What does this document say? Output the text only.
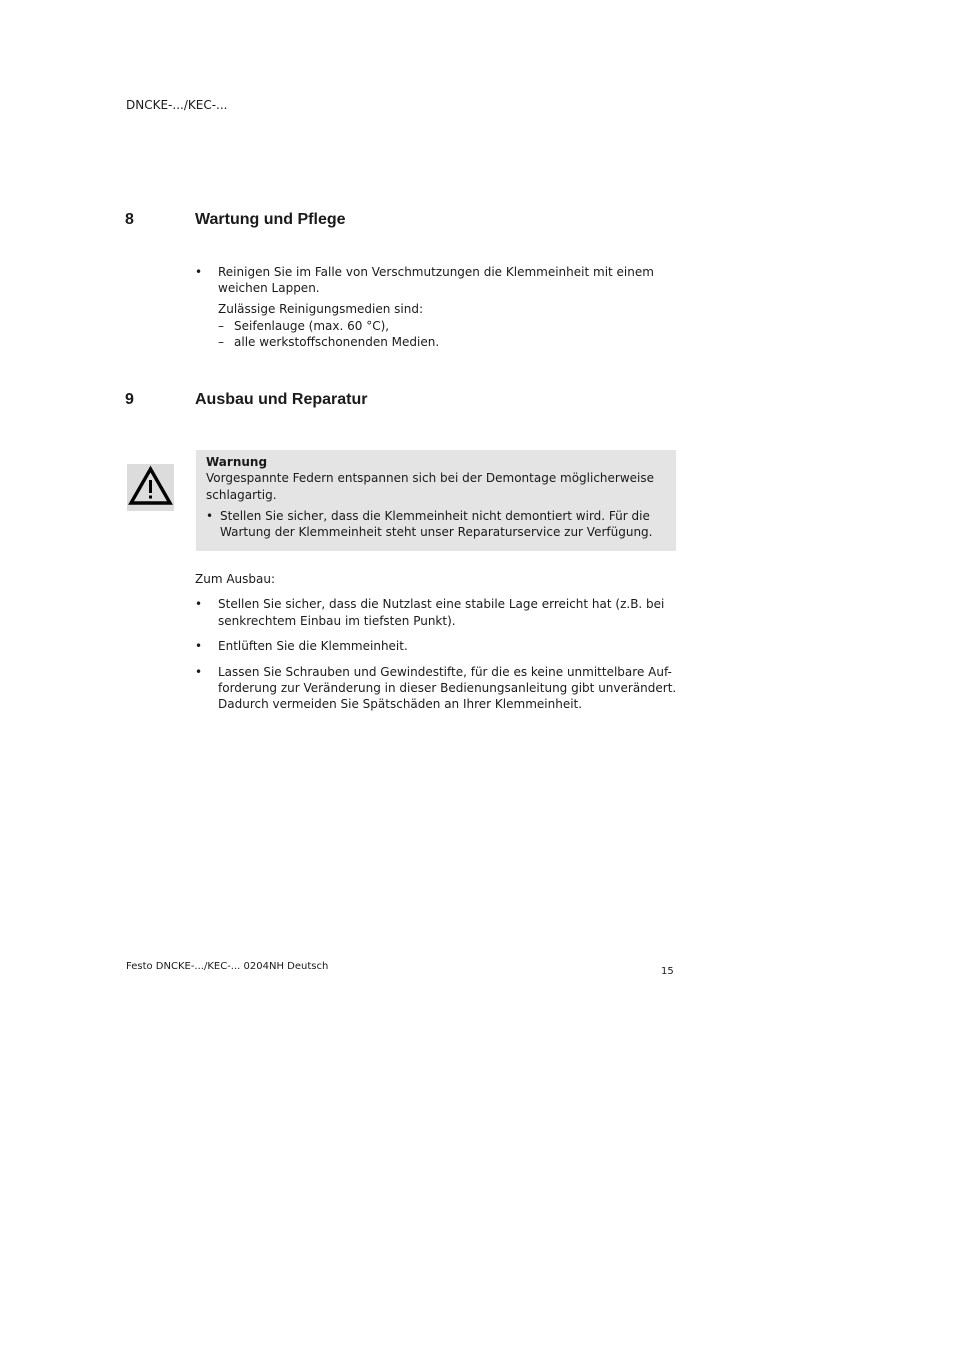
DNCKE-.../KEC-...
8	Wartung und Pflege
• Reinigen Sie im Falle von Verschmutzungen die Klemmeinheit mit einem
weichen Lappen.
Zulässige Reinigungsmedien sind:
– Seifenlauge (max. 60 °C),
– alle werkstoffschonenden Medien.
9	Ausbau und Reparatur
Warnung
Vorgespannte Federn entspannen sich bei der Demontage möglicherweise
schlagartig.
• Stellen Sie sicher, dass die Klemmeinheit nicht demontiert wird. Für die
Wartung der Klemmeinheit steht unser Reparaturservice zur Verfügung.
Zum Ausbau:
• Stellen Sie sicher, dass die Nutzlast eine stabile Lage erreicht hat (z.B. bei
senkrechtem Einbau im tiefsten Punkt).
• Entlüften Sie die Klemmeinheit.
• Lassen Sie Schrauben und Gewindestifte, für die es keine unmittelbare Auf-
forderung zur Veränderung in dieser Bedienungsanleitung gibt unverändert.
Dadurch vermeiden Sie Spätschäden an Ihrer Klemmeinheit.
Festo DNCKE-.../KEC-... 0204NH Deutsch	15
